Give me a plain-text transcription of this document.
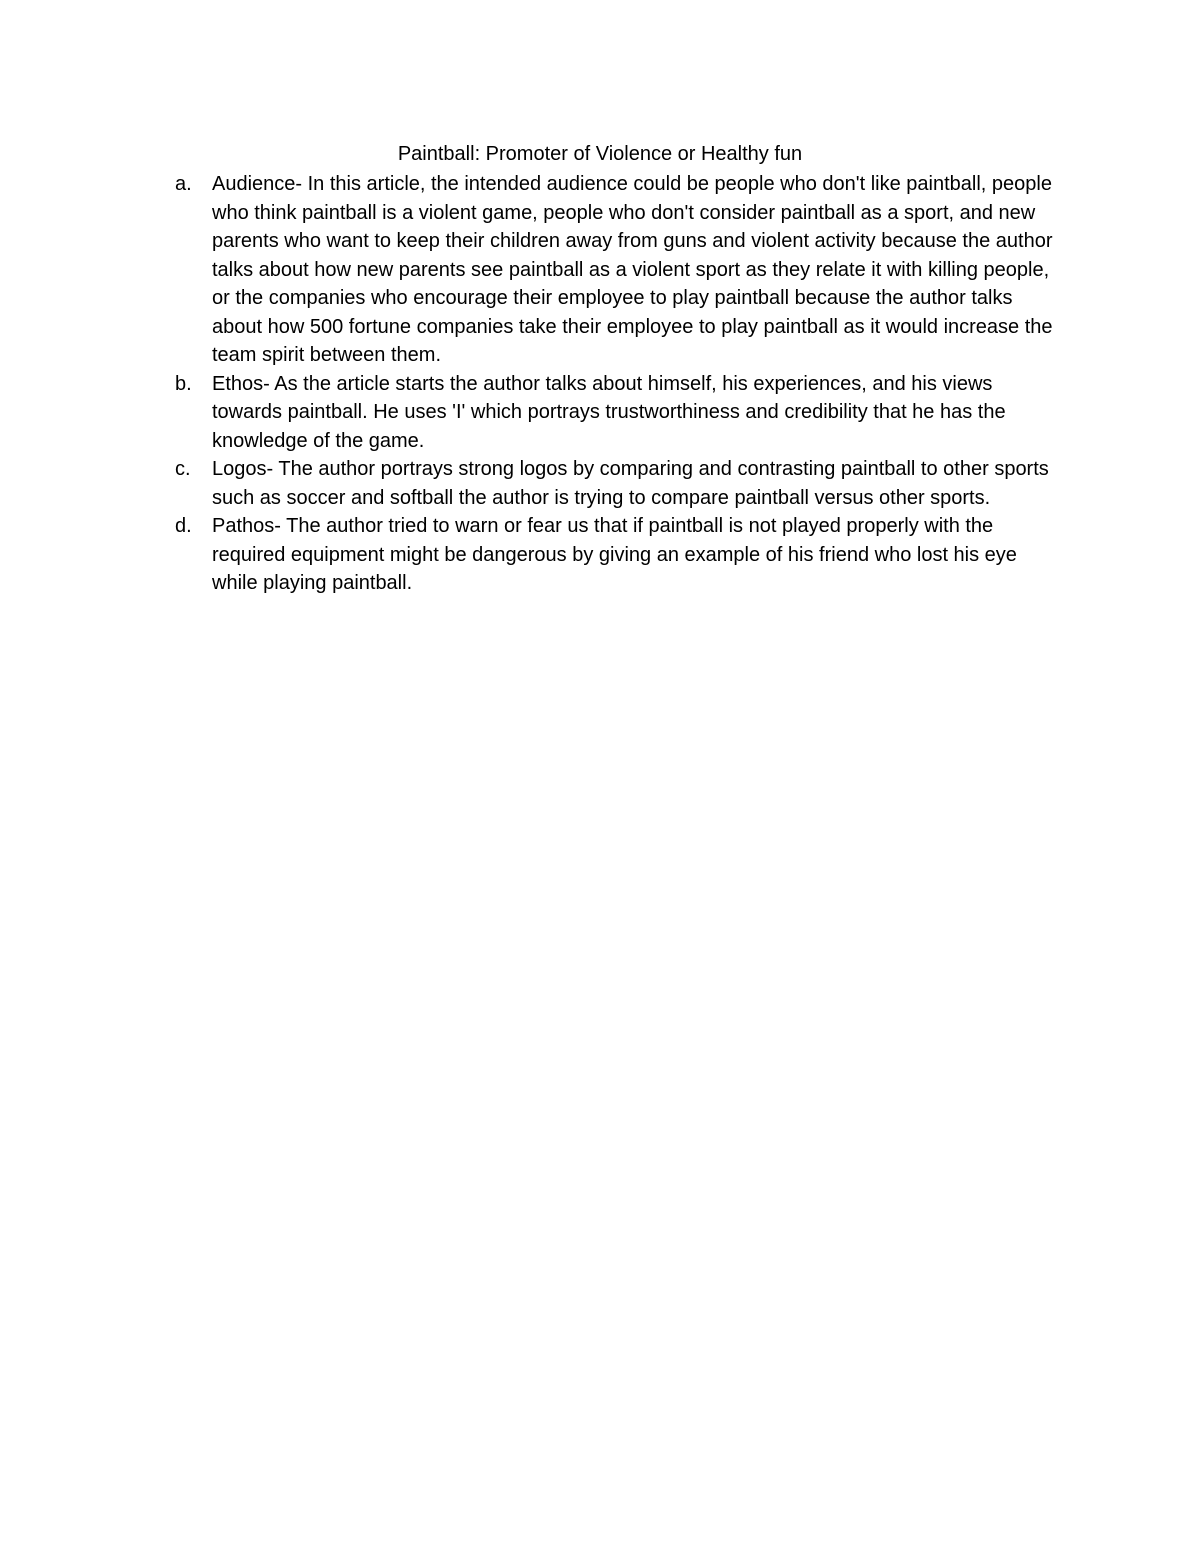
Paintball: Promoter of Violence or Healthy fun
a. Audience- In this article, the intended audience could be people who don't like paintball, people who think paintball is a violent game, people who don't consider paintball as a sport, and new parents who want to keep their children away from guns and violent activity because the author talks about how new parents see paintball as a violent sport as they relate it with killing people, or the companies who encourage their employee to play paintball because the author talks about how 500 fortune companies take their employee to play paintball as it would increase the team spirit between them.
b. Ethos- As the article starts the author talks about himself, his experiences, and his views towards paintball. He uses 'I' which portrays trustworthiness and credibility that he has the knowledge of the game.
c. Logos- The author portrays strong logos by comparing and contrasting paintball to other sports such as soccer and softball the author is trying to compare paintball versus other sports.
d. Pathos- The author tried to warn or fear us that if paintball is not played properly with the required equipment might be dangerous by giving an example of his friend who lost his eye while playing paintball.
